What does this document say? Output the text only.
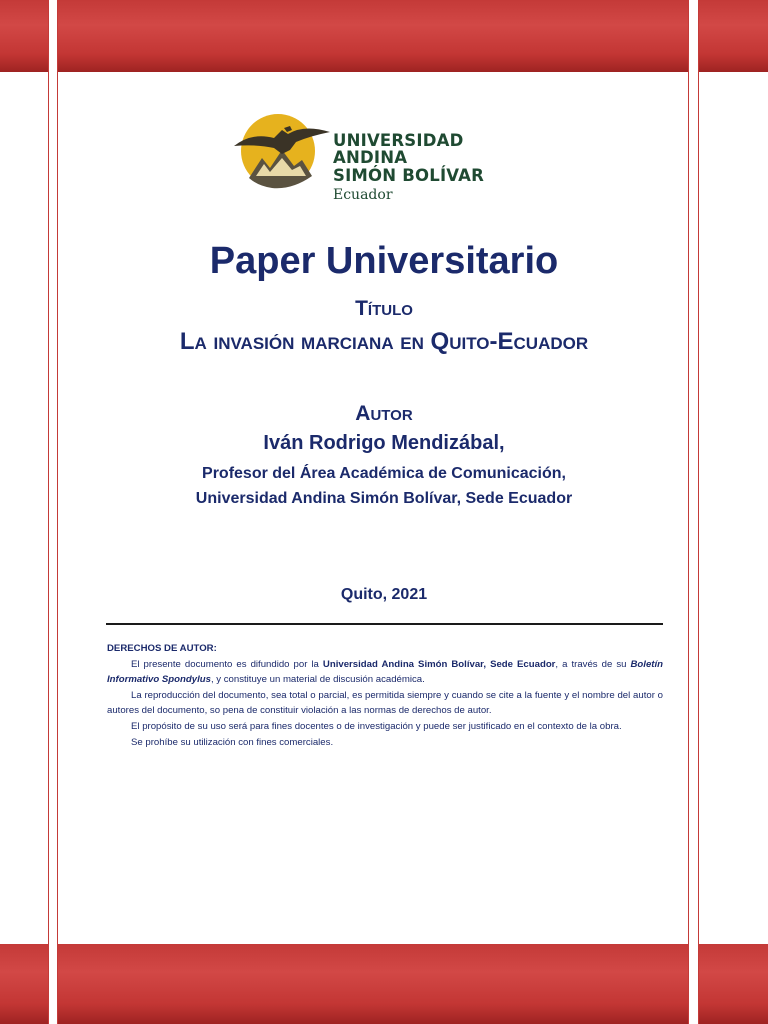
UNIVERSIDAD ANDINA
SIMÓN BOLÍVAR
Ecuador
Paper Universitario
Título
La invasión marciana en Quito-Ecuador
Autor
Iván Rodrigo Mendizábal,
Profesor del Área Académica de Comunicación,
Universidad Andina Simón Bolívar, Sede Ecuador
Quito, 2021

DERECHOS DE AUTOR:

El presente documento es difundido por la Universidad Andina Simón Bolívar, Sede Ecuador, a través de su Boletín Informativo Spondylus, y constituye un material de discusión académica.

La reproducción del documento, sea total o parcial, es permitida siempre y cuando se cite a la fuente y el nombre del autor o autores del documento, so pena de constituir violación a las normas de derechos de autor.

El propósito de su uso será para fines docentes o de investigación y puede ser justificado en el contexto de la obra.

Se prohíbe su utilización con fines comerciales.
